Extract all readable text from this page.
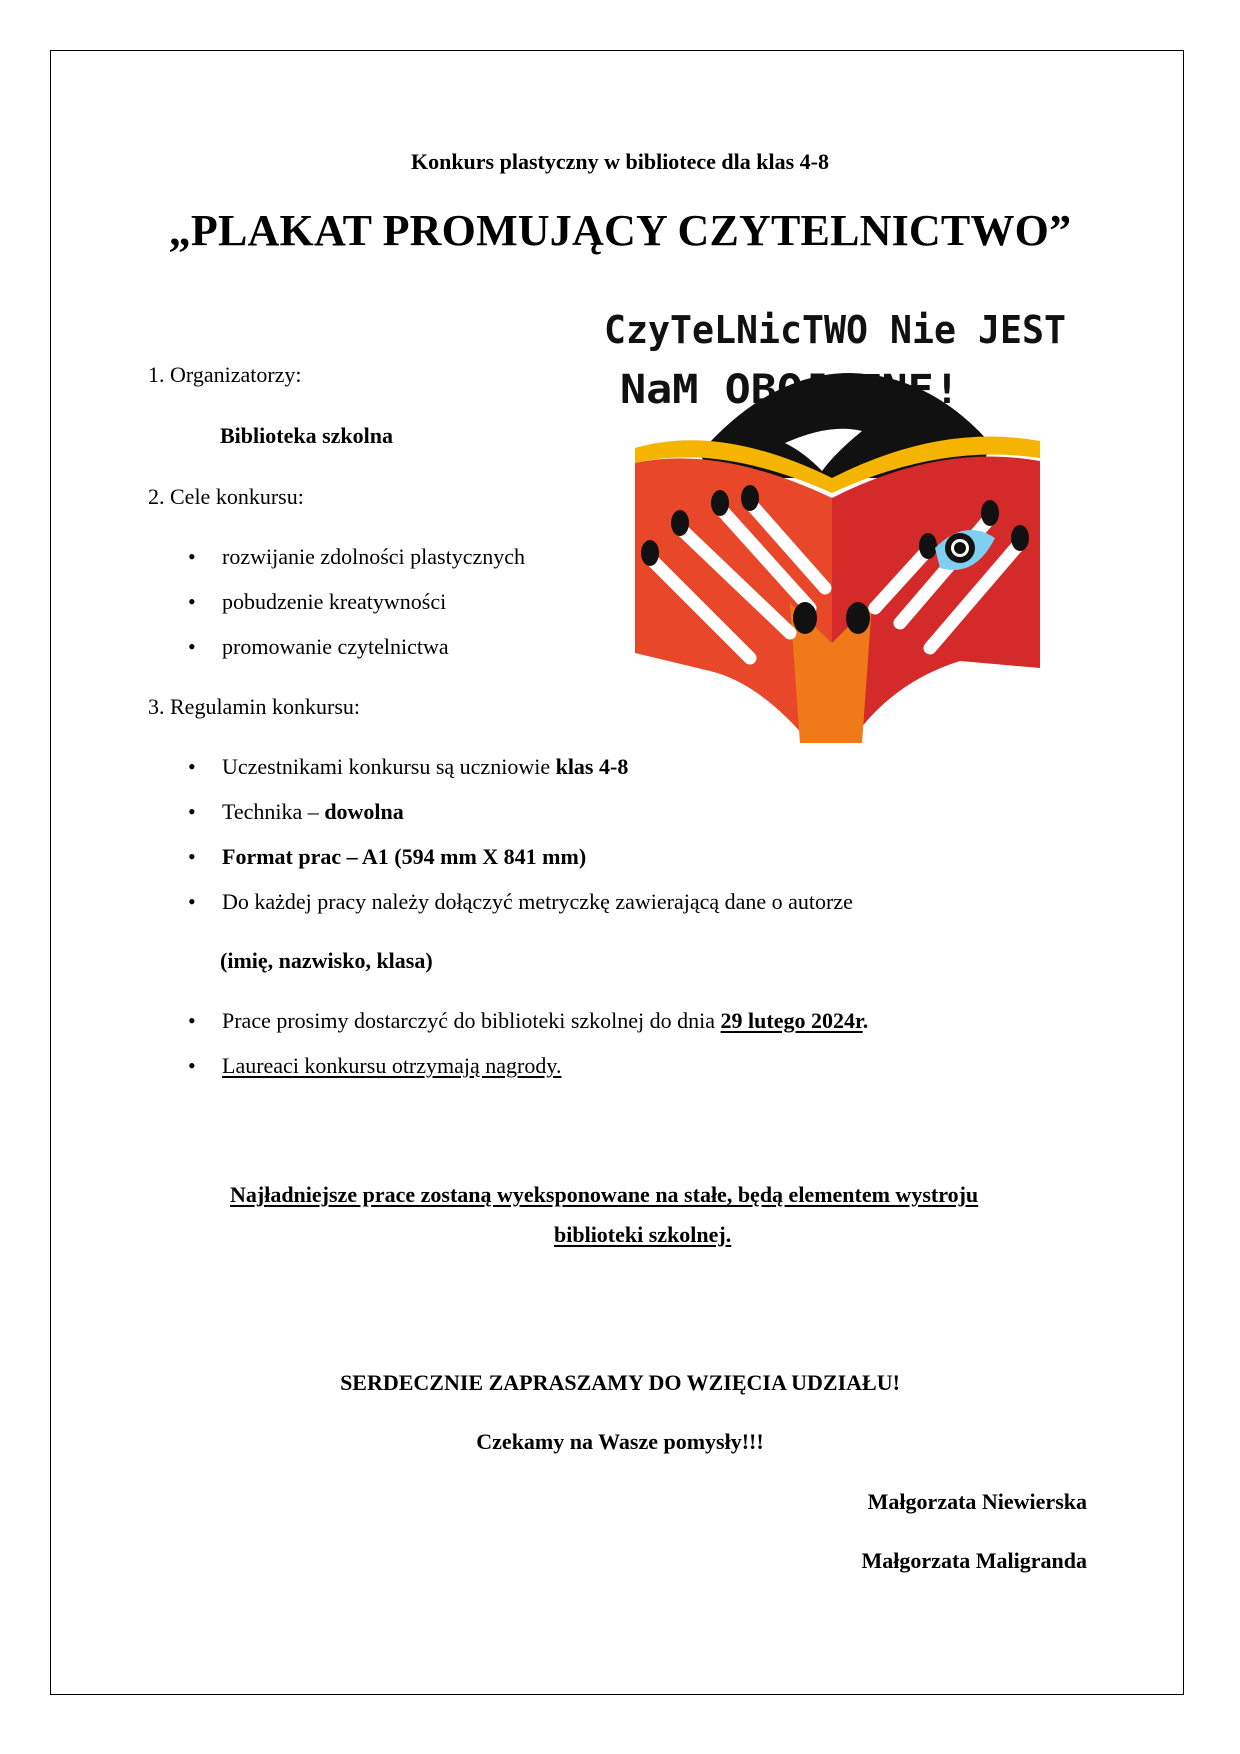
Konkurs plastyczny w bibliotece dla klas 4-8
„PLAKAT PROMUJĄCY CZYTELNICTWO”
CzyTeLNicTWO Nie JEST
NaM OBOJĘTNE!
1. Organizatorzy:
Biblioteka szkolna
2. Cele konkursu:
• rozwijanie zdolności plastycznych
• pobudzenie kreatywności
• promowanie czytelnictwa
3. Regulamin konkursu:
• Uczestnikami konkursu są uczniowie klas 4-8
• Technika – dowolna
• Format prac – A1 (594 mm X 841 mm)
• Do każdej pracy należy dołączyć metryczkę zawierającą dane o autorze
(imię, nazwisko, klasa)
• Prace prosimy dostarczyć do biblioteki szkolnej do dnia 29 lutego 2024r.
• Laureaci konkursu otrzymają nagrody.
Najładniejsze prace zostaną wyeksponowane na stałe, będą elementem wystroju
biblioteki szkolnej.
SERDECZNIE ZAPRASZAMY DO WZIĘCIA UDZIAŁU!
Czekamy na Wasze pomysły!!!
Małgorzata Niewierska
Małgorzata Maligranda
